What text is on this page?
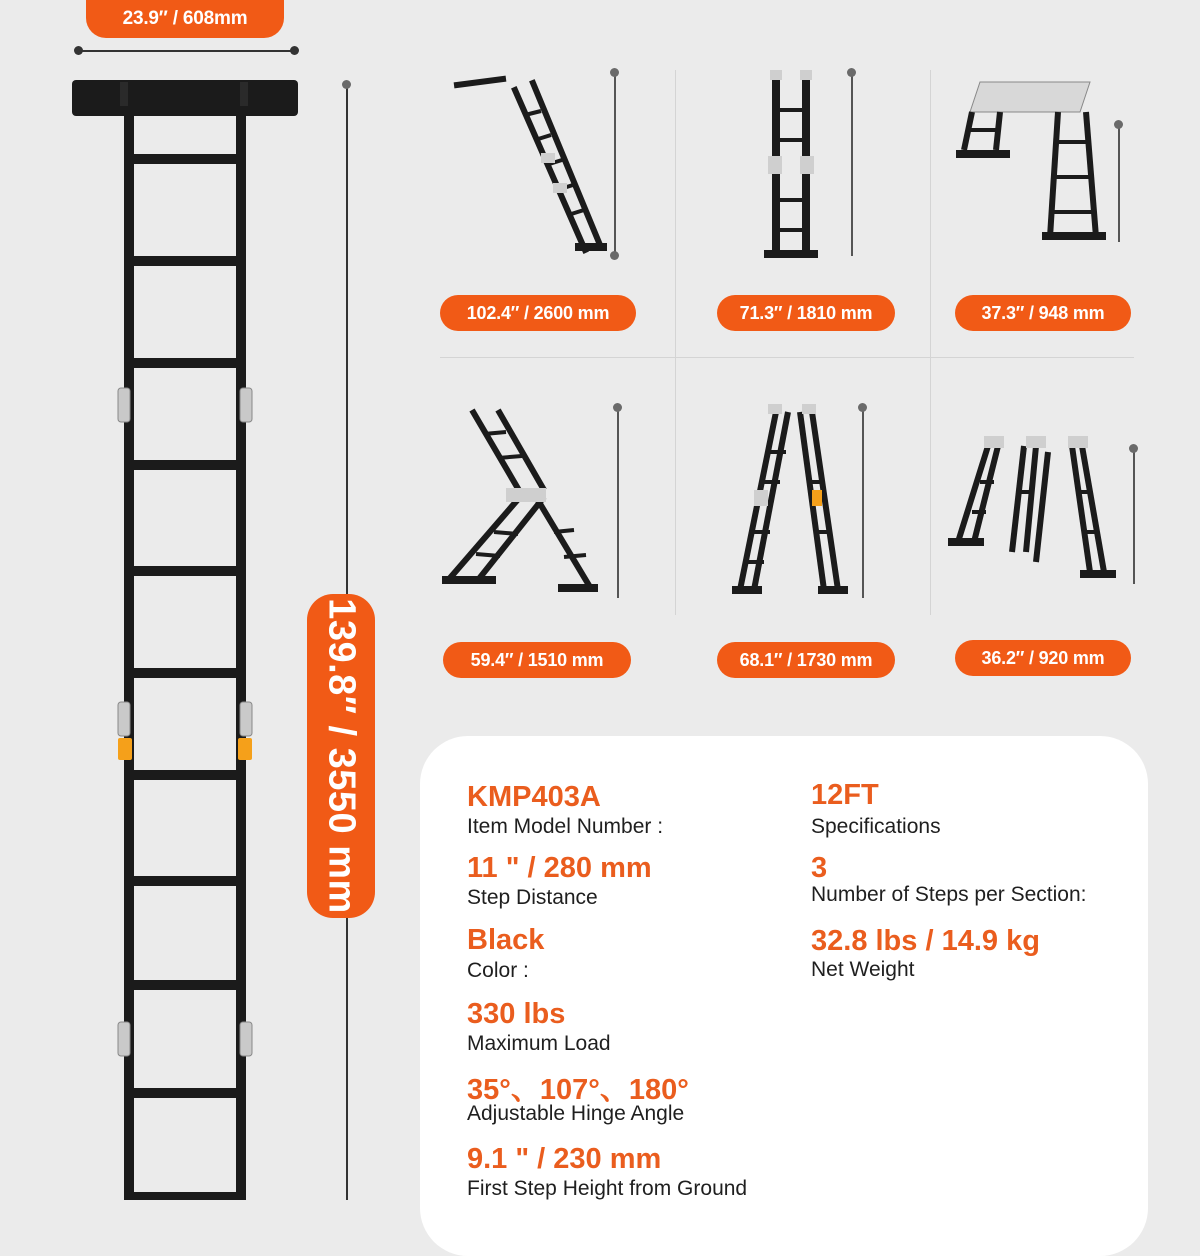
23.9″ / 608mm
139.8″ / 3550 mm
102.4″ / 2600 mm	71.3″ / 1810 mm	37.3″ / 948 mm
59.4″ / 1510 mm	68.1″ / 1730 mm	36.2″ / 920 mm
KMP403A
Item Model Number :
11 " / 280 mm
Step Distance
Black
Color :
330 lbs
Maximum Load
35°、107°、180°
Adjustable Hinge Angle
9.1 " / 230 mm
First Step Height from Ground
12FT
Specifications
3
Number of Steps per Section:
32.8 lbs / 14.9 kg
Net Weight
